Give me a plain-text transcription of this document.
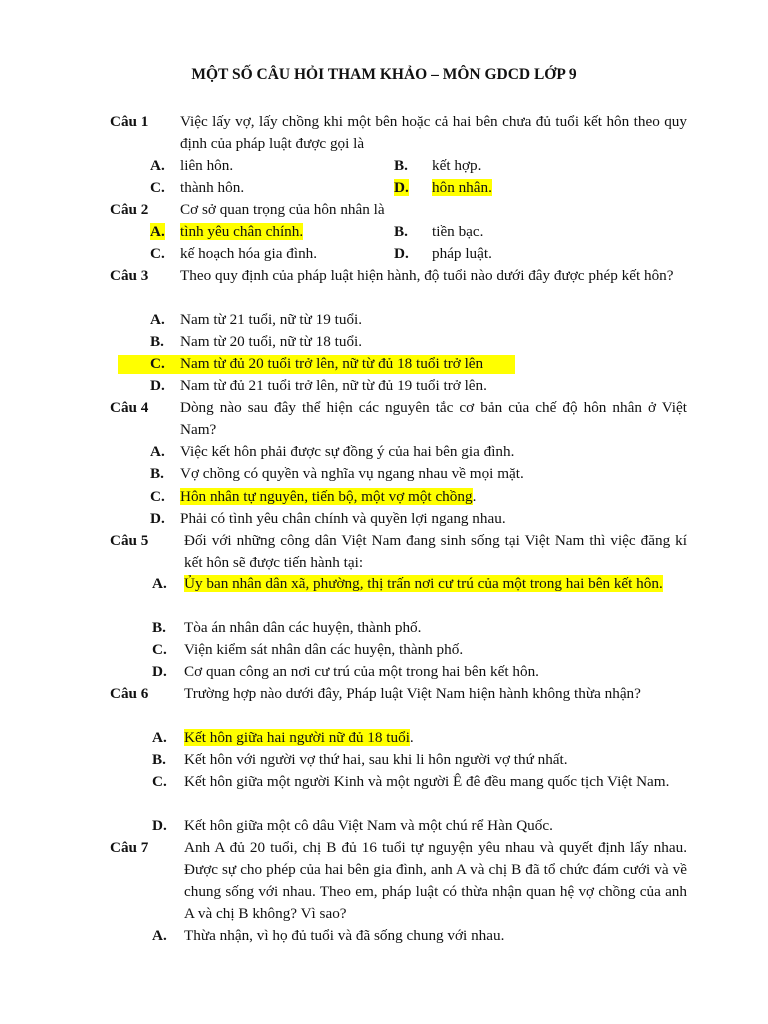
MỘT SỐ CÂU HỎI THAM KHẢO – MÔN GDCD LỚP 9
Câu 1 Việc lấy vợ, lấy chồng khi một bên hoặc cả hai bên chưa đủ tuổi kết hôn theo quy định của pháp luật được gọi là
A. liên hôn.	B. kết hợp.
C. thành hôn.	D. hôn nhân.
Câu 2 Cơ sở quan trọng của hôn nhân là
A. tình yêu chân chính.	B. tiền bạc.
C. kế hoạch hóa gia đình.	D. pháp luật.
Câu 3 Theo quy định của pháp luật hiện hành, độ tuổi nào dưới đây được phép kết hôn?
A. Nam từ 21 tuổi, nữ từ 19 tuổi.
B. Nam từ 20 tuổi, nữ từ 18 tuổi.
C. Nam từ đủ 20 tuổi trở lên, nữ từ đủ 18 tuổi trở lên
D. Nam từ đủ 21 tuổi trở lên, nữ từ đủ 19 tuổi trở lên.
Câu 4 Dòng nào sau đây thể hiện các nguyên tắc cơ bản của chế độ hôn nhân ở Việt Nam?
A. Việc kết hôn phải được sự đồng ý của hai bên gia đình.
B. Vợ chồng có quyền và nghĩa vụ ngang nhau về mọi mặt.
C. Hôn nhân tự nguyên, tiến bộ, một vợ một chồng.
D. Phải có tình yêu chân chính và quyền lợi ngang nhau.
Câu 5 Đối với những công dân Việt Nam đang sinh sống tại Việt Nam thì việc đăng kí kết hôn sẽ được tiến hành tại:
A. Ủy ban nhân dân xã, phường, thị trấn nơi cư trú của một trong hai bên kết hôn.
B. Tòa án nhân dân các huyện, thành phố.
C. Viện kiểm sát nhân dân các huyện, thành phố.
D. Cơ quan công an nơi cư trú của một trong hai bên kết hôn.
Câu 6 Trường hợp nào dưới đây, Pháp luật Việt Nam hiện hành không thừa nhận?
A. Kết hôn giữa hai người nữ đủ 18 tuổi.
B. Kết hôn với người vợ thứ hai, sau khi li hôn người vợ thứ nhất.
C. Kết hôn giữa một người Kinh và một người Ê đê đều mang quốc tịch Việt Nam.
D. Kết hôn giữa một cô dâu Việt Nam và một chú rể Hàn Quốc.
Câu 7 Anh A đủ 20 tuổi, chị B đủ 16 tuổi tự nguyện yêu nhau và quyết định lấy nhau. Được sự cho phép của hai bên gia đình, anh A và chị B đã tổ chức đám cưới và về chung sống với nhau. Theo em, pháp luật có thừa nhận quan hệ vợ chồng của anh A và chị B không? Vì sao?
A. Thừa nhận, vì họ đủ tuổi và đã sống chung với nhau.
